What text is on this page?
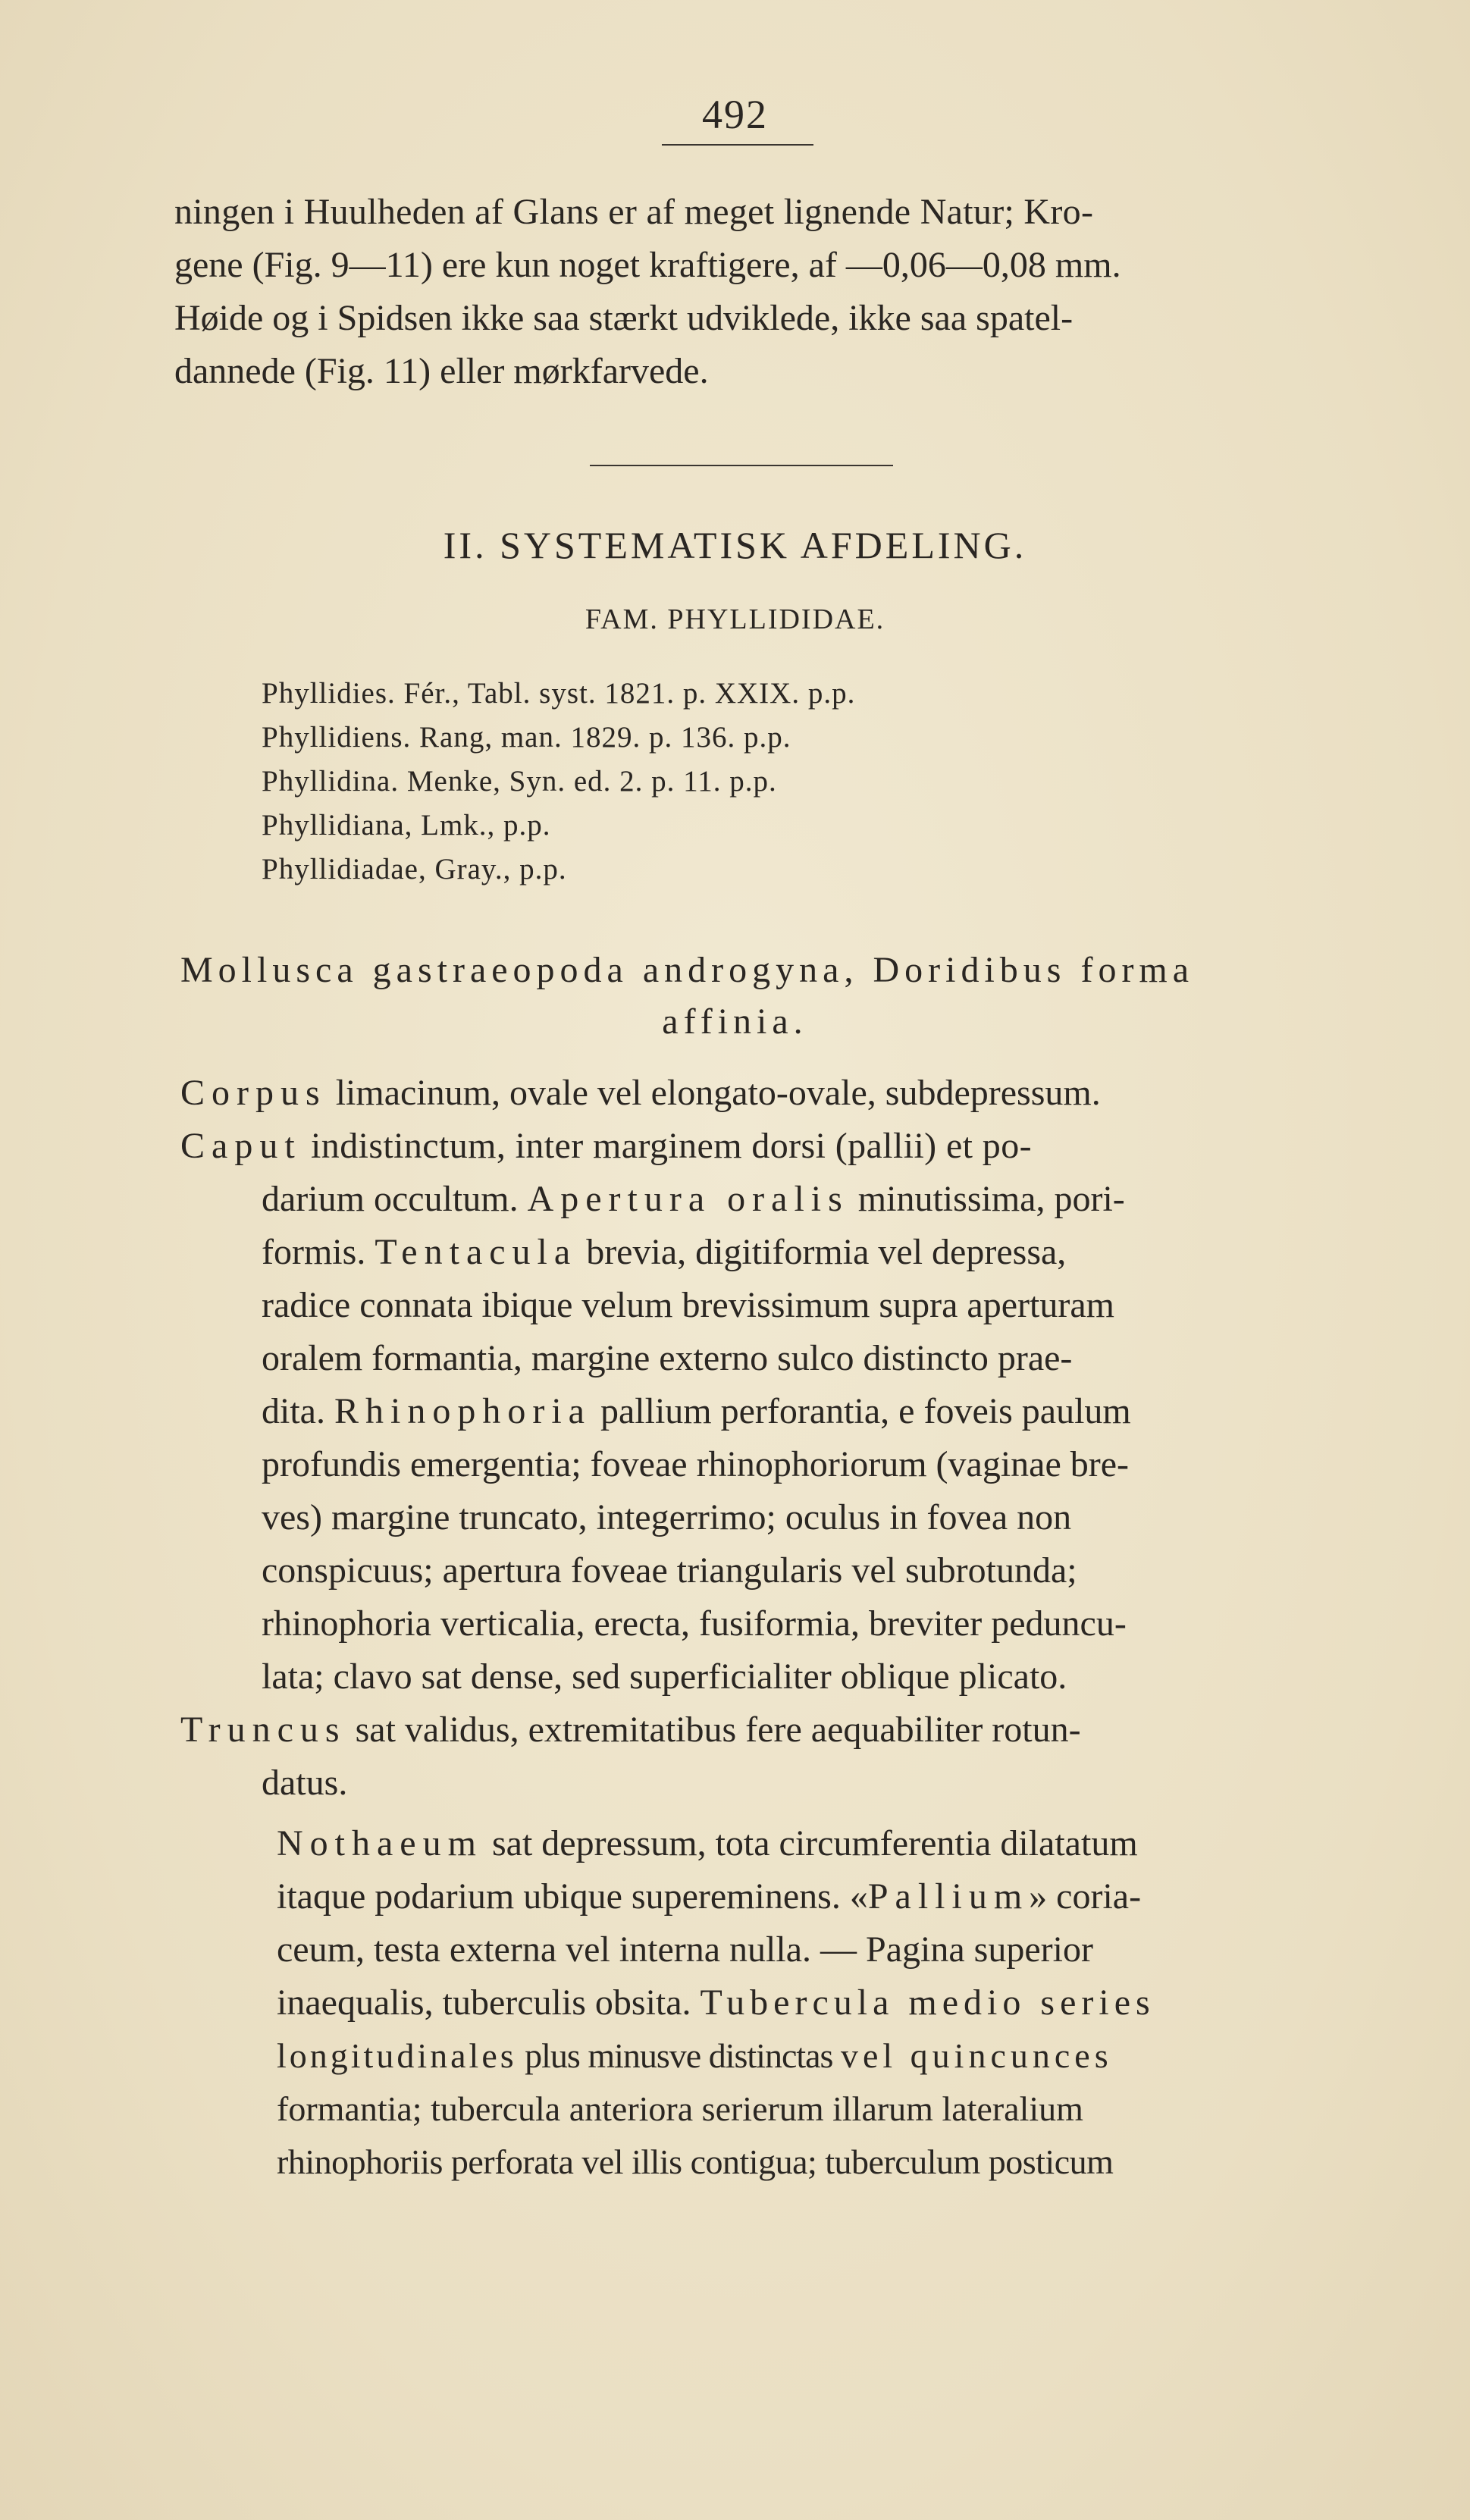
492
ningen i Huulheden af Glans er af meget lignende Natur; Kro-
gene (Fig. 9—11) ere kun noget kraftigere, af —0,06—0,08 mm.
Høide og i Spidsen ikke saa stærkt udviklede, ikke saa spatel-
dannede (Fig. 11) eller mørkfarvede.
II. SYSTEMATISK AFDELING.
FAM. PHYLLIDIDAE.
Phyllidies. Fér., Tabl. syst. 1821. p. XXIX. p.p.
Phyllidiens. Rang, man. 1829. p. 136. p.p.
Phyllidina. Menke, Syn. ed. 2. p. 11. p.p.
Phyllidiana, Lmk., p.p.
Phyllidiadae, Gray., p.p.
Mollusca gastraeopoda androgyna, Doridibus forma
affinia.
Corpus limacinum, ovale vel elongato-ovale, subdepressum.
Caput indistinctum, inter marginem dorsi (pallii) et po-
darium occultum. Apertura oralis minutissima, pori-
formis. Tentacula brevia, digitiformia vel depressa,
radice connata ibique velum brevissimum supra aperturam
oralem formantia, margine externo sulco distincto prae-
dita. Rhinophoria pallium perforantia, e foveis paulum
profundis emergentia; foveae rhinophoriorum (vaginae bre-
ves) margine truncato, integerrimo; oculus in fovea non
conspicuus; apertura foveae triangularis vel subrotunda;
rhinophoria verticalia, erecta, fusiformia, breviter peduncu-
lata; clavo sat dense, sed superficialiter oblique plicato.
Truncus sat validus, extremitatibus fere aequabiliter rotun-
datus.
Nothaeum sat depressum, tota circumferentia dilatatum
itaque podarium ubique supereminens. «Pallium» coria-
ceum, testa externa vel interna nulla. — Pagina superior
inaequalis, tuberculis obsita. Tubercula medio series
longitudinales plus minusve distinctas vel quincunces
formantia; tubercula anteriora serierum illarum lateralium
rhinophoriis perforata vel illis contigua; tuberculum posticum
